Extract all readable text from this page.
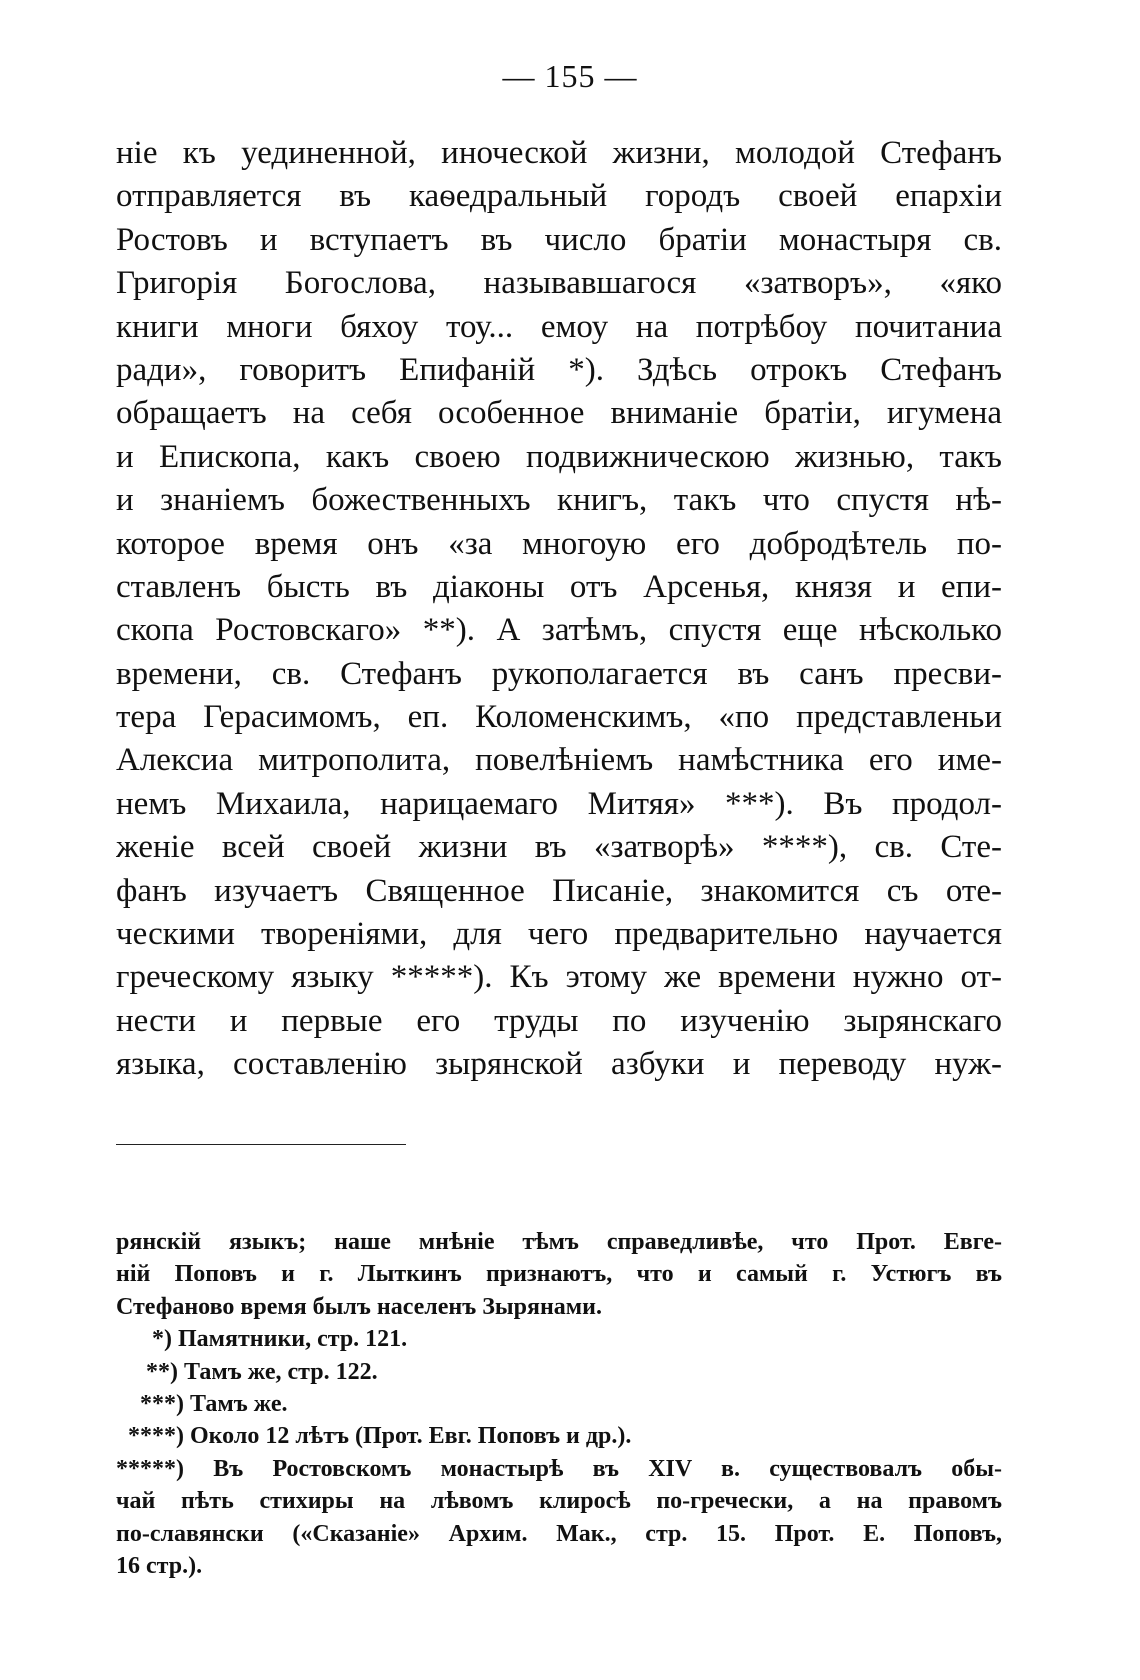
— 155 —
ніе къ уединенной, иноческой жизни, молодой Стефанъ
отправляется въ каѳедральный городъ своей епархіи
Ростовъ и вступаетъ въ число братіи монастыря св.
Григорія Богослова, называвшагося «затворъ», «яко
книги многи бяхоу тоу... емоу на потрѣбоу почитаниа
ради», говоритъ Епифаній *). Здѣсь отрокъ Стефанъ
обращаетъ на себя особенное вниманіе братіи, игумена
и Епископа, какъ своею подвижническою жизнью, такъ
и знаніемъ божественныхъ книгъ, такъ что спустя нѣ-
которое время онъ «за многоую его добродѣтель по-
ставленъ бысть въ діаконы отъ Арсенья, князя и епи-
скопа Ростовскаго» **). А затѣмъ, спустя еще нѣсколько
времени, св. Стефанъ рукополагается въ санъ пресви-
тера Герасимомъ, еп. Коломенскимъ, «по представленьи
Алексиа митрополита, повелѣніемъ намѣстника его име-
немъ Михаила, нарицаемаго Митяя» ***). Въ продол-
женіе всей своей жизни въ «затворѣ» ****), св. Сте-
фанъ изучаетъ Священное Писаніе, знакомится съ оте-
ческими твореніями, для чего предварительно научается
греческому языку *****). Къ этому же времени нужно от-
нести и первые его труды по изученію зырянскаго
языка, составленію зырянской азбуки и переводу нуж-
рянскій языкъ; наше мнѣніе тѣмъ справедливѣе, что Прот. Евге-
ній Поповъ и г. Лыткинъ признаютъ, что и самый г. Устюгъ въ
Стефаново время былъ населенъ Зырянами.
*) Памятники, стр. 121.
**) Тамъ же, стр. 122.
***) Тамъ же.
****) Около 12 лѣтъ (Прот. Евг. Поповъ и др.).
*****) Въ Ростовскомъ монастырѣ въ XIV в. существовалъ обы-
чай пѣть стихиры на лѣвомъ клиросѣ по-гречески, а на правомъ
по-славянски («Сказаніе» Архим. Мак., стр. 15. Прот. Е. Поповъ,
16 стр.).
